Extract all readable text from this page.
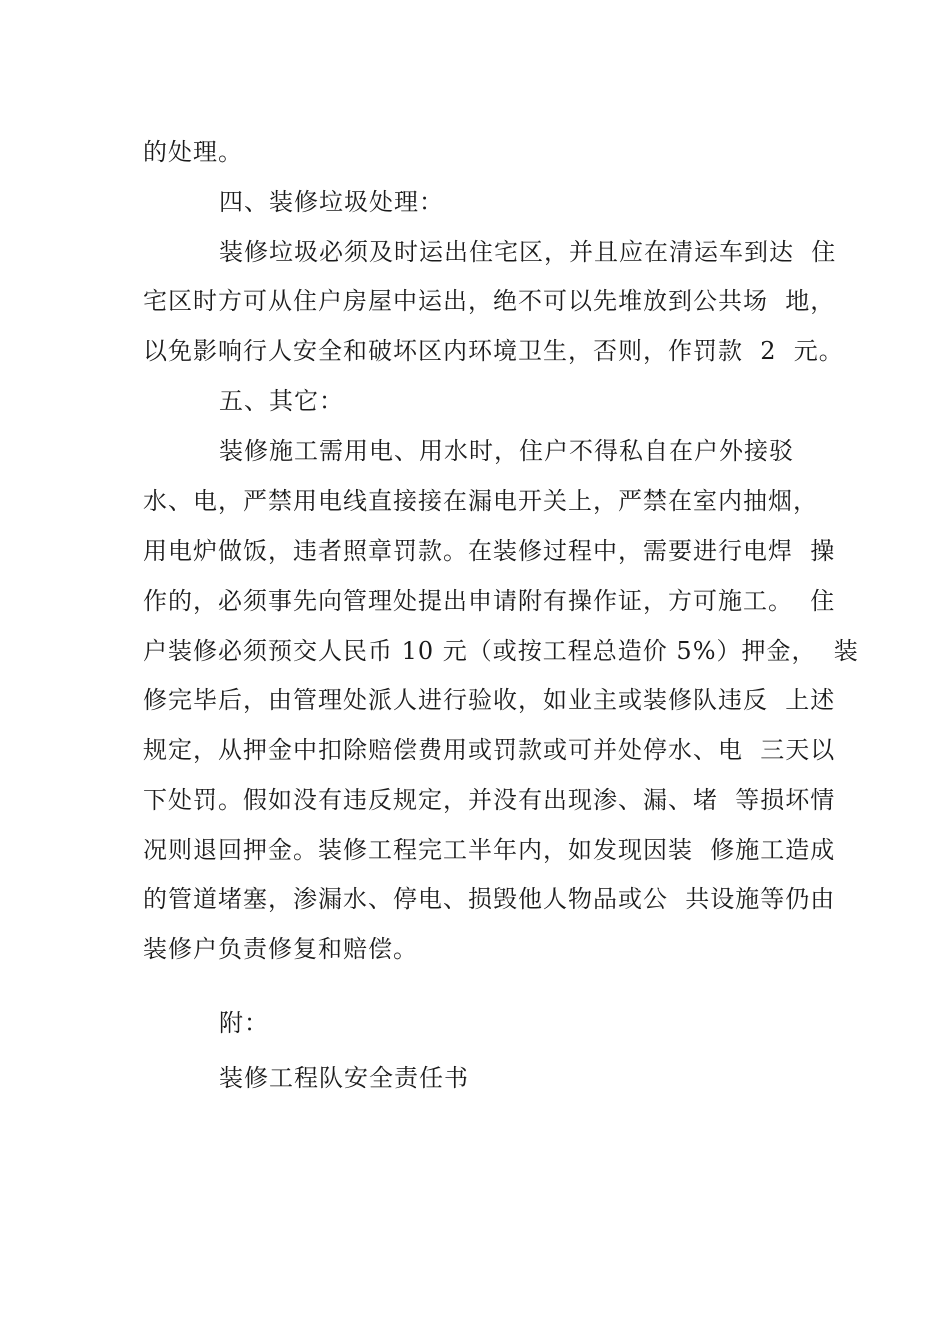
的处理。
四、装修垃圾处理：
装修垃圾必须及时运出住宅区，并且应在清运车到达  住
宅区时方可从住户房屋中运出，绝不可以先堆放到公共场  地，
以免影响行人安全和破坏区内环境卫生，否则，作罚款  2  元。
五、其它：
装修施工需用电、用水时，住户不得私自在户外接驳
水、电，严禁用电线直接接在漏电开关上，严禁在室内抽烟，
用电炉做饭，违者照章罚款。在装修过程中，需要进行电焊  操
作的，必须事先向管理处提出申请附有操作证，方可施工。  住
户装修必须预交人民币 10 元（或按工程总造价 5%）押金，  装
修完毕后，由管理处派人进行验收，如业主或装修队违反  上述
规定，从押金中扣除赔偿费用或罚款或可并处停水、电  三天以
下处罚。假如没有违反规定，并没有出现渗、漏、堵  等损坏情
况则退回押金。装修工程完工半年内，如发现因装  修施工造成
的管道堵塞，渗漏水、停电、损毁他人物品或公  共设施等仍由
装修户负责修复和赔偿。
附：
装修工程队安全责任书
